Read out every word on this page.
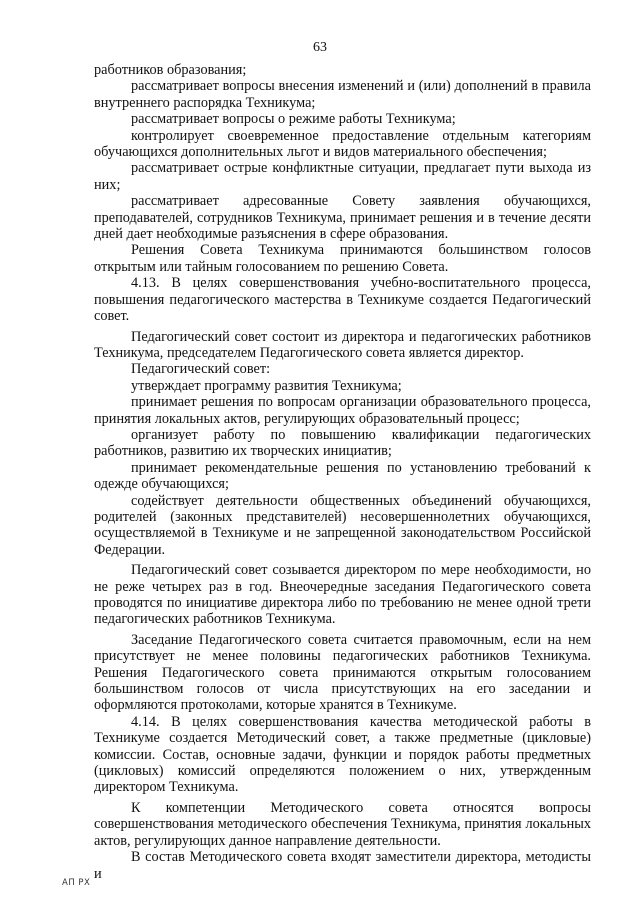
63

работников образования;

рассматривает вопросы внесения изменений и (или) дополнений в правила внутреннего распорядка Техникума;

рассматривает вопросы о режиме работы Техникума;

контролирует своевременное предоставление отдельным категориям обучающихся дополнительных льгот и видов материального обеспечения;

рассматривает острые конфликтные ситуации, предлагает пути выхода из них;

рассматривает адресованные Совету заявления обучающихся, преподавателей, сотрудников Техникума, принимает решения и в течение десяти дней дает необходимые разъяснения в сфере образования.

Решения Совета Техникума принимаются большинством голосов открытым или тайным голосованием по решению Совета.

4.13. В целях совершенствования учебно-воспитательного процесса, повышения педагогического мастерства в Техникуме создается Педагогический совет.

Педагогический совет состоит из директора и педагогических работников Техникума, председателем Педагогического совета является директор.

Педагогический совет:

утверждает программу развития Техникума;

принимает решения по вопросам организации образовательного процесса, принятия локальных актов, регулирующих образовательный процесс;

организует работу по повышению квалификации педагогических работников, развитию их творческих инициатив;

принимает рекомендательные решения по установлению требований к одежде обучающихся;

содействует деятельности общественных объединений обучающихся, родителей (законных представителей) несовершеннолетних обучающихся, осуществляемой в Техникуме и не запрещенной законодательством Российской Федерации.

Педагогический совет созывается директором по мере необходимости, но не реже четырех раз в год. Внеочередные заседания Педагогического совета проводятся по инициативе директора либо по требованию не менее одной трети педагогических работников Техникума.

Заседание Педагогического совета считается правомочным, если на нем присутствует не менее половины педагогических работников Техникума. Решения Педагогического совета принимаются открытым голосованием большинством голосов от числа присутствующих на его заседании и оформляются протоколами, которые хранятся в Техникуме.

4.14. В целях совершенствования качества методической работы в Техникуме создается Методический совет, а также предметные (цикловые) комиссии. Состав, основные задачи, функции и порядок работы предметных (цикловых) комиссий определяются положением о них, утвержденным директором Техникума.

К компетенции Методического совета относятся вопросы совершенствования методического обеспечения Техникума, принятия локальных актов, регулирующих данное направление деятельности.

В состав Методического совета входят заместители директора, методисты и

АП РХ
